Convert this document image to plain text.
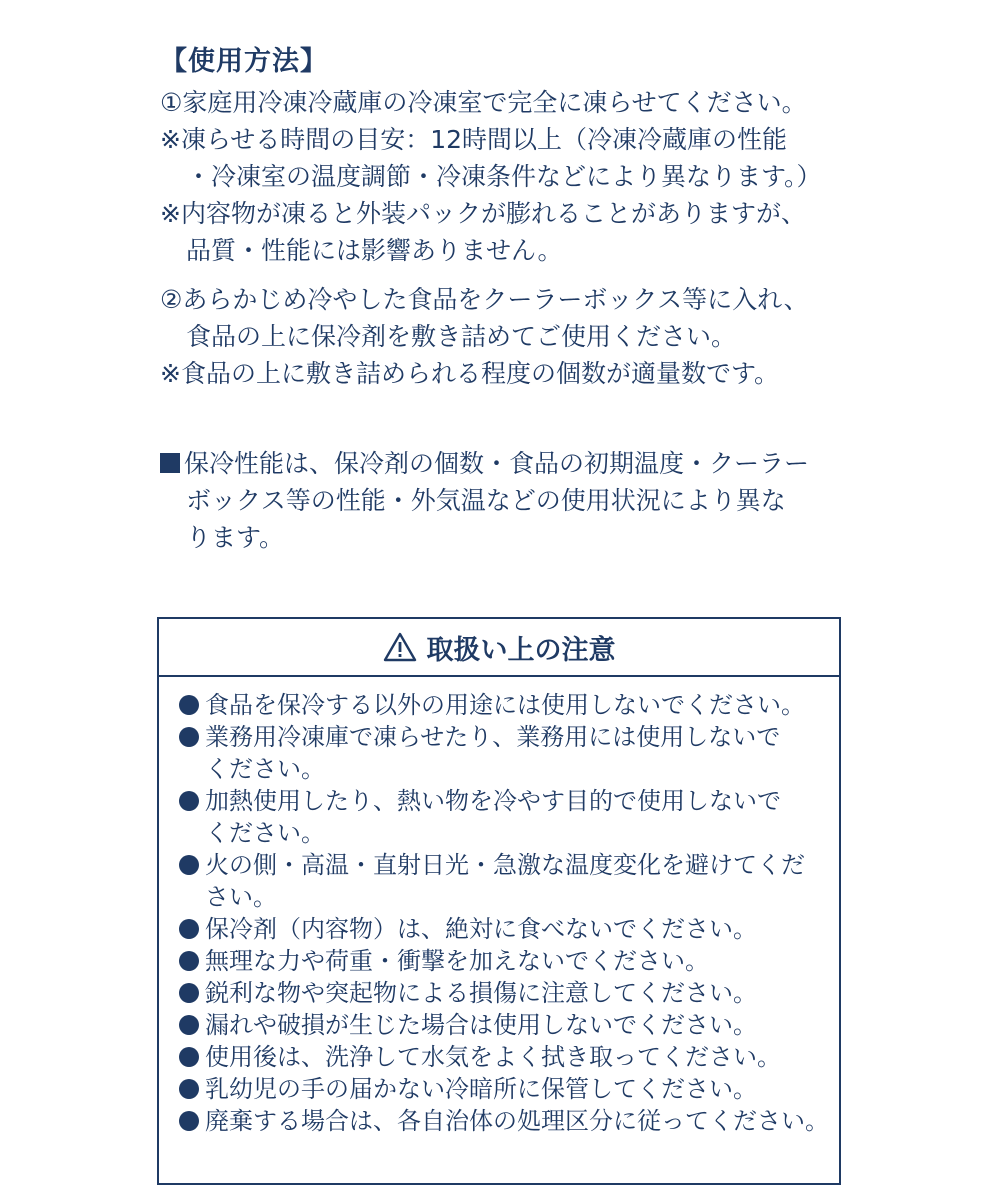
【使用方法】

①家庭用冷凍冷蔵庫の冷凍室で完全に凍らせてください。

※凍らせる時間の目安：12時間以上（冷凍冷蔵庫の性能

・冷凍室の温度調節・冷凍条件などにより異なります。）

※内容物が凍ると外装パックが膨れることがありますが、

品質・性能には影響ありません。

②あらかじめ冷やした食品をクーラーボックス等に入れ、

食品の上に保冷剤を敷き詰めてご使用ください。

※食品の上に敷き詰められる程度の個数が適量数です。

保冷性能は、保冷剤の個数・食品の初期温度・クーラー

ボックス等の性能・外気温などの使用状況により異な

ります。

取扱い上の注意

食品を保冷する以外の用途には使用しないでください。

業務用冷凍庫で凍らせたり、業務用には使用しないで

ください。

加熱使用したり、熱い物を冷やす目的で使用しないで

ください。

火の側・高温・直射日光・急激な温度変化を避けてくだ

さい。

保冷剤（内容物）は、絶対に食べないでください。

無理な力や荷重・衝撃を加えないでください。

鋭利な物や突起物による損傷に注意してください。

漏れや破損が生じた場合は使用しないでください。

使用後は、洗浄して水気をよく拭き取ってください。

乳幼児の手の届かない冷暗所に保管してください。

廃棄する場合は、各自治体の処理区分に従ってください。
